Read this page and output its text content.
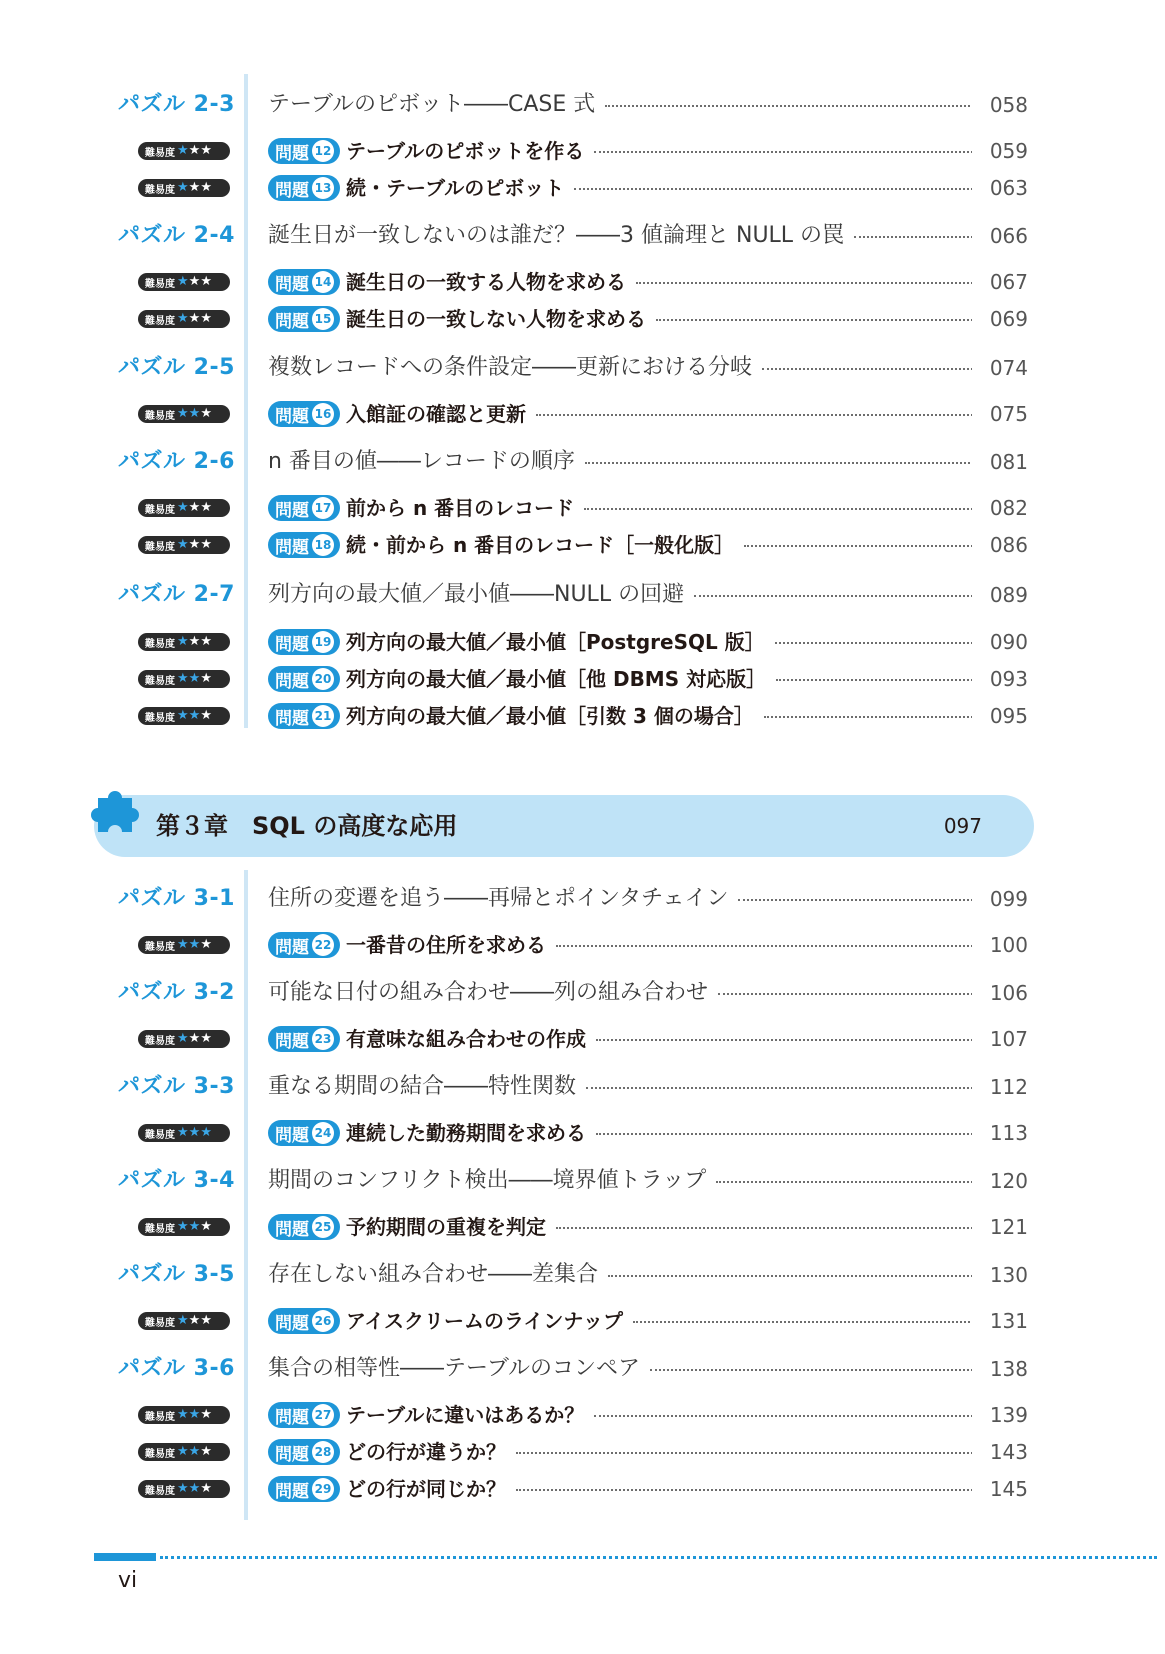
パズル 2-3 テーブルのピボット――CASE 式	058
難易度 ★ ★ ★	問題 12 テーブルのピボットを作る	059
難易度 ★ ★ ★	問題 13 続・テーブルのピボット	063
パズル 2-4 誕生日が一致しないのは誰だ？――3 値論理と NULL の罠	066
難易度 ★ ★ ★	問題 14 誕生日の一致する人物を求める	067
難易度 ★ ★ ★	問題 15 誕生日の一致しない人物を求める	069
パズル 2-5 複数レコードへの条件設定――更新における分岐	074
難易度 ★ ★ ★	問題 16 入館証の確認と更新	075
パズル 2-6 n 番目の値――レコードの順序	081
難易度 ★ ★ ★	問題 17 前から n 番目のレコード	082
難易度 ★ ★ ★	問題 18 続・前から n 番目のレコード［一般化版］	086
パズル 2-7 列方向の最大値／最小値――NULL の回避	089
難易度 ★ ★ ★	問題 19 列方向の最大値／最小値［PostgreSQL 版］	090
難易度 ★ ★ ★	問題 20 列方向の最大値／最小値［他 DBMS 対応版］	093
難易度 ★ ★ ★	問題 21 列方向の最大値／最小値［引数 3 個の場合］	095
第３章　SQL の高度な応用	097
パズル 3-1 住所の変遷を追う――再帰とポインタチェイン	099
難易度 ★ ★ ★	問題 22 一番昔の住所を求める	100
パズル 3-2 可能な日付の組み合わせ――列の組み合わせ	106
難易度 ★ ★ ★	問題 23 有意味な組み合わせの作成	107
パズル 3-3 重なる期間の結合――特性関数	112
難易度 ★ ★ ★	問題 24 連続した勤務期間を求める	113
パズル 3-4 期間のコンフリクト検出――境界値トラップ	120
難易度 ★ ★ ★	問題 25 予約期間の重複を判定	121
パズル 3-5 存在しない組み合わせ――差集合	130
難易度 ★ ★ ★	問題 26 アイスクリームのラインナップ	131
パズル 3-6 集合の相等性――テーブルのコンペア	138
難易度 ★ ★ ★	問題 27 テーブルに違いはあるか？	139
難易度 ★ ★ ★	問題 28 どの行が違うか？	143
難易度 ★ ★ ★	問題 29 どの行が同じか？	145
vi
